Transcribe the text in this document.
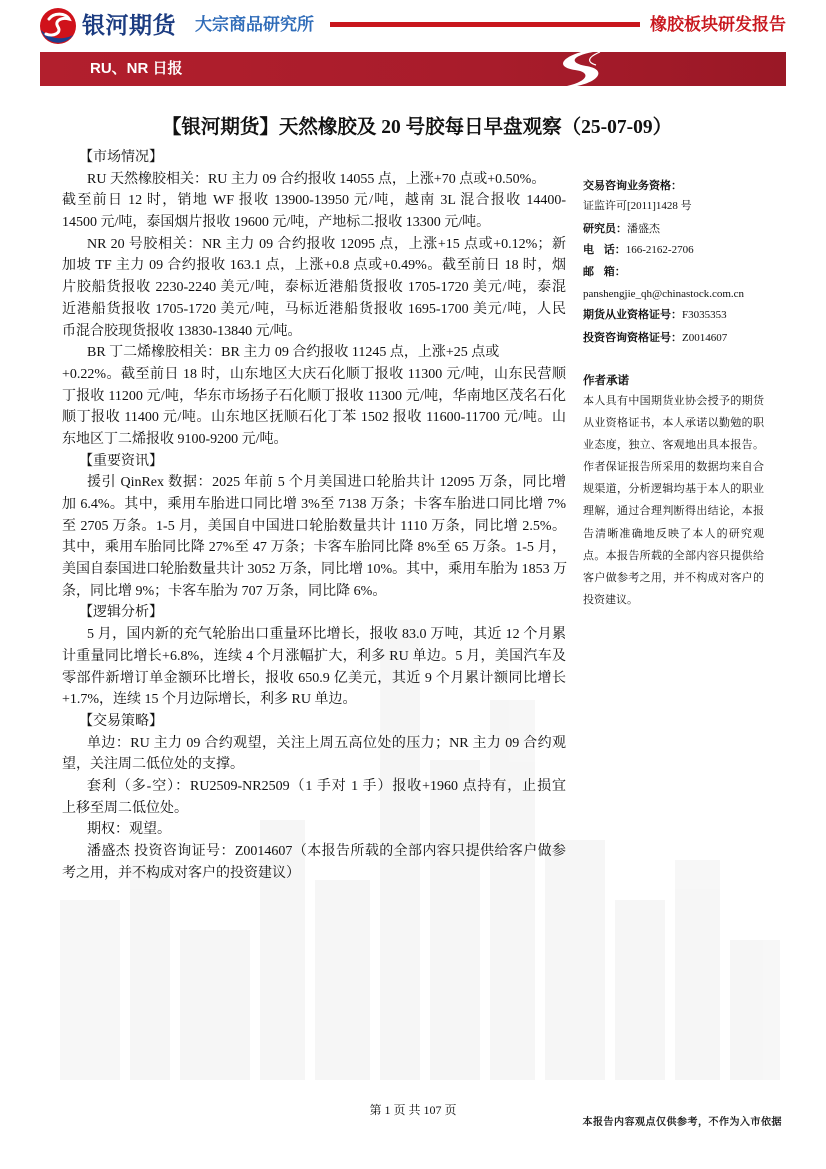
银河期货 大宗商品研究所	橡胶板块研发报告
RU、NR 日报
【银河期货】天然橡胶及 20 号胶每日早盘观察（25-07-09）
【市场情况】
RU 天然橡胶相关：RU 主力 09 合约报收 14055 点，上涨+70 点或+0.50%。
截至前日 12 时，销地 WF 报收 13900-13950 元/吨，越南 3L 混合报收 14400-
14500 元/吨，泰国烟片报收 19600 元/吨，产地标二报收 13300 元/吨。
NR 20 号胶相关：NR 主力 09 合约报收 12095 点，上涨+15 点或+0.12%；新
加坡 TF 主力 09 合约报收 163.1 点，上涨+0.8 点或+0.49%。截至前日 18 时，烟
片胶船货报收 2230-2240 美元/吨，泰标近港船货报收 1705-1720 美元/吨，泰混
近港船货报收 1705-1720 美元/吨，马标近港船货报收 1695-1700 美元/吨，人民
币混合胶现货报收 13830-13840 元/吨。
BR 丁二烯橡胶相关：BR 主力 09 合约报收 11245 点，上涨+25 点或
+0.22%。截至前日 18 时，山东地区大庆石化顺丁报收 11300 元/吨，山东民营顺
丁报收 11200 元/吨，华东市场扬子石化顺丁报收 11300 元/吨，华南地区茂名石化
顺丁报收 11400 元/吨。山东地区抚顺石化丁苯 1502 报收 11600-11700 元/吨。山
东地区丁二烯报收 9100-9200 元/吨。
【重要资讯】
援引 QinRex 数据：2025 年前 5 个月美国进口轮胎共计 12095 万条，同比增
加 6.4%。其中，乘用车胎进口同比增 3%至 7138 万条；卡客车胎进口同比增 7%
至 2705 万条。1-5 月，美国自中国进口轮胎数量共计 1110 万条，同比增 2.5%。
其中，乘用车胎同比降 27%至 47 万条；卡客车胎同比降 8%至 65 万条。1-5 月，
美国自泰国进口轮胎数量共计 3052 万条，同比增 10%。其中，乘用车胎为 1853 万
条，同比增 9%；卡客车胎为 707 万条，同比降 6%。
【逻辑分析】
5 月，国内新的充气轮胎出口重量环比增长，报收 83.0 万吨，其近 12 个月累
计重量同比增长+6.8%，连续 4 个月涨幅扩大，利多 RU 单边。5 月，美国汽车及
零部件新增订单金额环比增长，报收 650.9 亿美元，其近 9 个月累计额同比增长
+1.7%，连续 15 个月边际增长，利多 RU 单边。
【交易策略】
单边：RU 主力 09 合约观望，关注上周五高位处的压力；NR 主力 09 合约观
望，关注周二低位处的支撑。
套利（多-空）：RU2509-NR2509（1 手对 1 手）报收+1960 点持有，止损宜
上移至周二低位处。
期权：观望。
潘盛杰 投资咨询证号：Z0014607（本报告所载的全部内容只提供给客户做参
考之用，并不构成对客户的投资建议）
交易咨询业务资格：
证监许可[2011]1428 号
研究员：潘盛杰
电 话：166-2162-2706
邮 箱：
panshengjie_qh@chinastock.com.cn
期货从业资格证号：F3035353
投资咨询资格证号：Z0014607
作者承诺
本人具有中国期货业协会授予的期货
从业资格证书，本人承诺以勤勉的职
业态度，独立、客观地出具本报告。
作者保证报告所采用的数据均来自合
规渠道，分析逻辑均基于本人的职业
理解，通过合理判断得出结论，本报
告清晰准确地反映了本人的研究观
点。本报告所载的全部内容只提供给
客户做参考之用，并不构成对客户的
投资建议。
第 1 页 共 107 页
本报告内容观点仅供参考，不作为入市依据
